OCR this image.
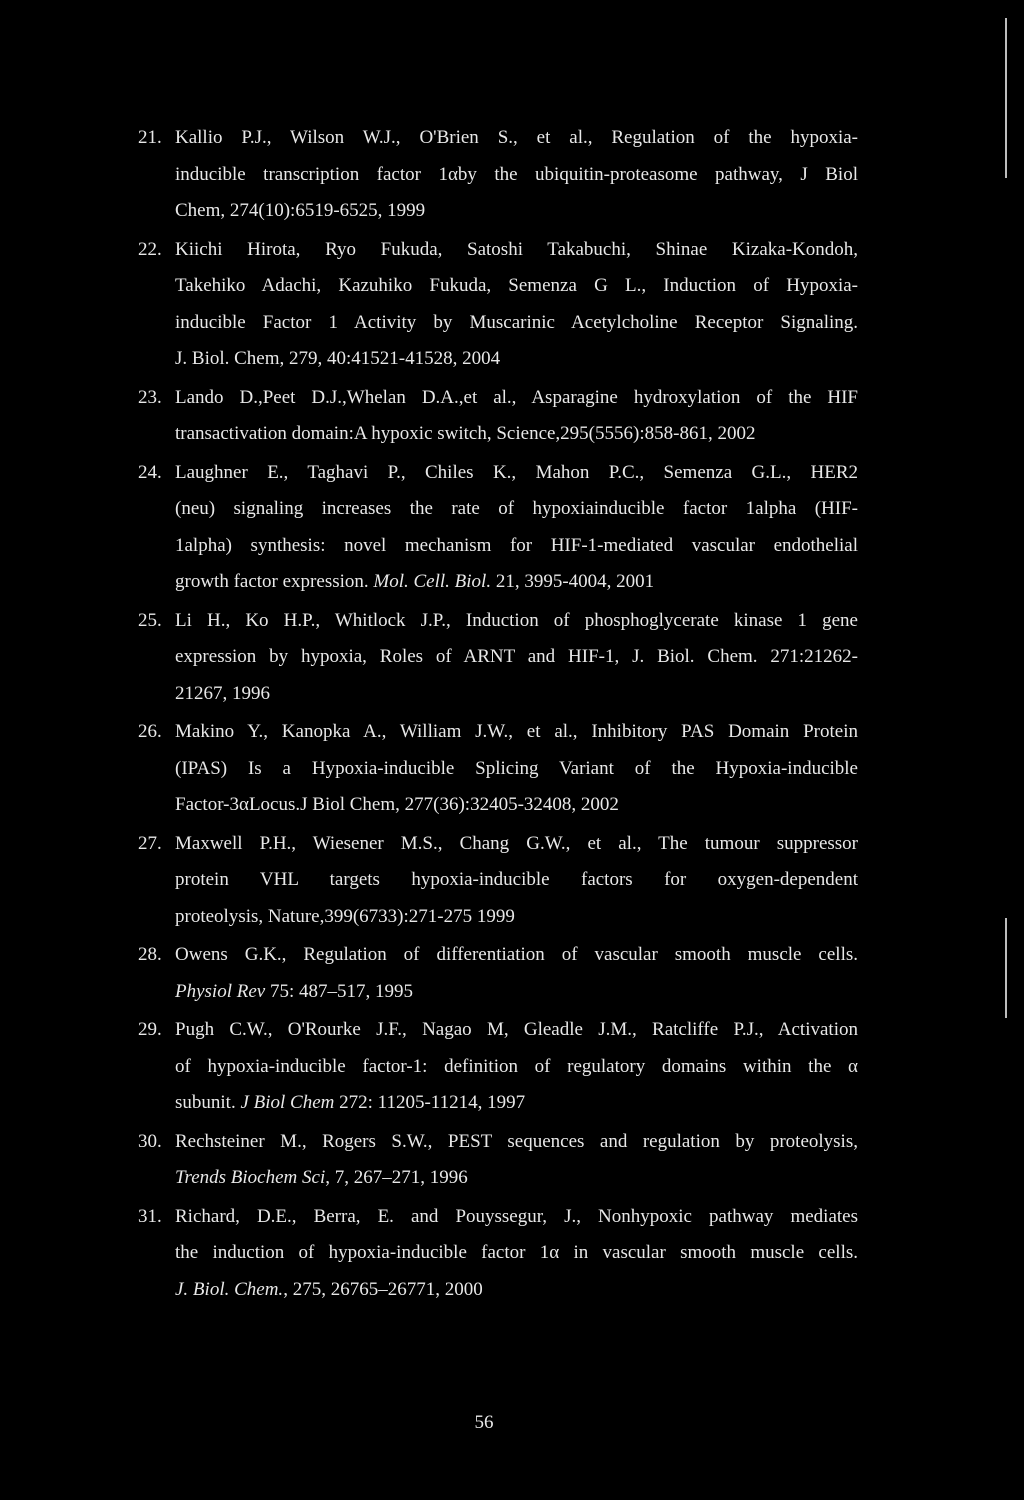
21. Kallio P.J., Wilson W.J., O'Brien S., et al., Regulation of the hypoxia-
inducible transcription factor 1αby the ubiquitin-proteasome pathway, J Biol
Chem, 274(10):6519-6525, 1999
22. Kiichi Hirota, Ryo Fukuda, Satoshi Takabuchi, Shinae Kizaka-Kondoh,
Takehiko Adachi, Kazuhiko Fukuda, Semenza G L., Induction of Hypoxia-
inducible Factor 1 Activity by Muscarinic Acetylcholine Receptor Signaling.
J. Biol. Chem, 279, 40:41521-41528, 2004
23. Lando D.,Peet D.J.,Whelan D.A.,et al., Asparagine hydroxylation of the HIF
transactivation domain:A hypoxic switch, Science,295(5556):858-861, 2002
24. Laughner E., Taghavi P., Chiles K., Mahon P.C., Semenza G.L., HER2
(neu) signaling increases the rate of hypoxiainducible factor 1alpha (HIF-
1alpha) synthesis: novel mechanism for HIF-1-mediated vascular endothelial
growth factor expression. Mol. Cell. Biol. 21, 3995-4004, 2001
25. Li H., Ko H.P., Whitlock J.P., Induction of phosphoglycerate kinase 1 gene
expression by hypoxia, Roles of ARNT and HIF-1, J. Biol. Chem. 271:21262-
21267, 1996
26. Makino Y., Kanopka A., William J.W., et al., Inhibitory PAS Domain Protein
(IPAS) Is a Hypoxia-inducible Splicing Variant of the Hypoxia-inducible
Factor-3αLocus.J Biol Chem, 277(36):32405-32408, 2002
27. Maxwell P.H., Wiesener M.S., Chang G.W., et al., The tumour suppressor
protein VHL targets hypoxia-inducible factors for oxygen-dependent
proteolysis, Nature,399(6733):271-275 1999
28. Owens G.K., Regulation of differentiation of vascular smooth muscle cells.
Physiol Rev 75: 487–517, 1995
29. Pugh C.W., O'Rourke J.F., Nagao M, Gleadle J.M., Ratcliffe P.J., Activation
of hypoxia-inducible factor-1: definition of regulatory domains within the α
subunit. J Biol Chem 272: 11205-11214, 1997
30. Rechsteiner M., Rogers S.W., PEST sequences and regulation by proteolysis,
Trends Biochem Sci, 7, 267–271, 1996
31. Richard, D.E., Berra, E. and Pouyssegur, J., Nonhypoxic pathway mediates
the induction of hypoxia-inducible factor 1α in vascular smooth muscle cells.
J. Biol. Chem., 275, 26765–26771, 2000
56
